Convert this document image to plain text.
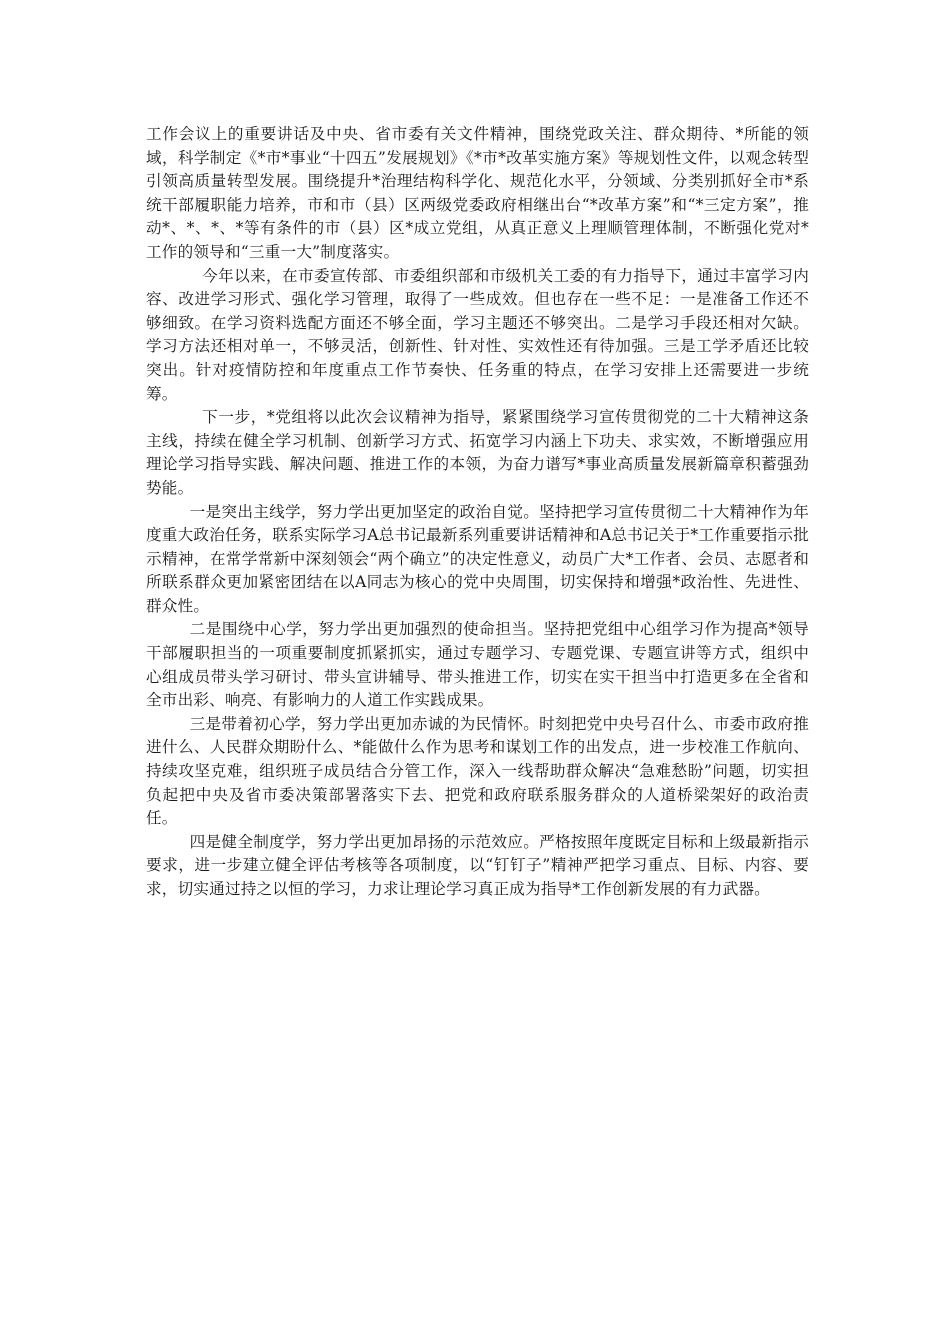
工作会议上的重要讲话及中央、省市委有关文件精神，围绕党政关注、群众期待、*所能的领域，科学制定《*市*事业“十四五”发展规划》《*市*改革实施方案》等规划性文件，以观念转型引领高质量转型发展。围绕提升*治理结构科学化、规范化水平，分领域、分类别抓好全市*系统干部履职能力培养，市和市（县）区两级党委政府相继出台“*改革方案”和“*三定方案”，推动*、*、*、*等有条件的市（县）区*成立党组，从真正意义上理顺管理体制，不断强化党对*工作的领导和“三重一大”制度落实。

今年以来，在市委宣传部、市委组织部和市级机关工委的有力指导下，通过丰富学习内容、改进学习形式、强化学习管理，取得了一些成效。但也存在一些不足：一是准备工作还不够细致。在学习资料选配方面还不够全面，学习主题还不够突出。二是学习手段还相对欠缺。学习方法还相对单一，不够灵活，创新性、针对性、实效性还有待加强。三是工学矛盾还比较突出。针对疫情防控和年度重点工作节奏快、任务重的特点，在学习安排上还需要进一步统筹。

下一步，*党组将以此次会议精神为指导，紧紧围绕学习宣传贯彻党的二十大精神这条主线，持续在健全学习机制、创新学习方式、拓宽学习内涵上下功夫、求实效，不断增强应用理论学习指导实践、解决问题、推进工作的本领，为奋力谱写*事业高质量发展新篇章积蓄强劲势能。

一是突出主线学，努力学出更加坚定的政治自觉。坚持把学习宣传贯彻二十大精神作为年度重大政治任务，联系实际学习A总书记最新系列重要讲话精神和A总书记关于*工作重要指示批示精神，在常学常新中深刻领会“两个确立”的决定性意义，动员广大*工作者、会员、志愿者和所联系群众更加紧密团结在以A同志为核心的党中央周围，切实保持和增强*政治性、先进性、群众性。

二是围绕中心学，努力学出更加强烈的使命担当。坚持把党组中心组学习作为提高*领导干部履职担当的一项重要制度抓紧抓实，通过专题学习、专题党课、专题宣讲等方式，组织中心组成员带头学习研讨、带头宣讲辅导、带头推进工作，切实在实干担当中打造更多在全省和全市出彩、响亮、有影响力的人道工作实践成果。

三是带着初心学，努力学出更加赤诚的为民情怀。时刻把党中央号召什么、市委市政府推进什么、人民群众期盼什么、*能做什么作为思考和谋划工作的出发点，进一步校准工作航向、持续攻坚克难，组织班子成员结合分管工作，深入一线帮助群众解决“急难愁盼”问题，切实担负起把中央及省市委决策部署落实下去、把党和政府联系服务群众的人道桥梁架好的政治责任。

四是健全制度学，努力学出更加昂扬的示范效应。严格按照年度既定目标和上级最新指示要求，进一步建立健全评估考核等各项制度，以“钉钉子”精神严把学习重点、目标、内容、要求，切实通过持之以恒的学习，力求让理论学习真正成为指导*工作创新发展的有力武器。
